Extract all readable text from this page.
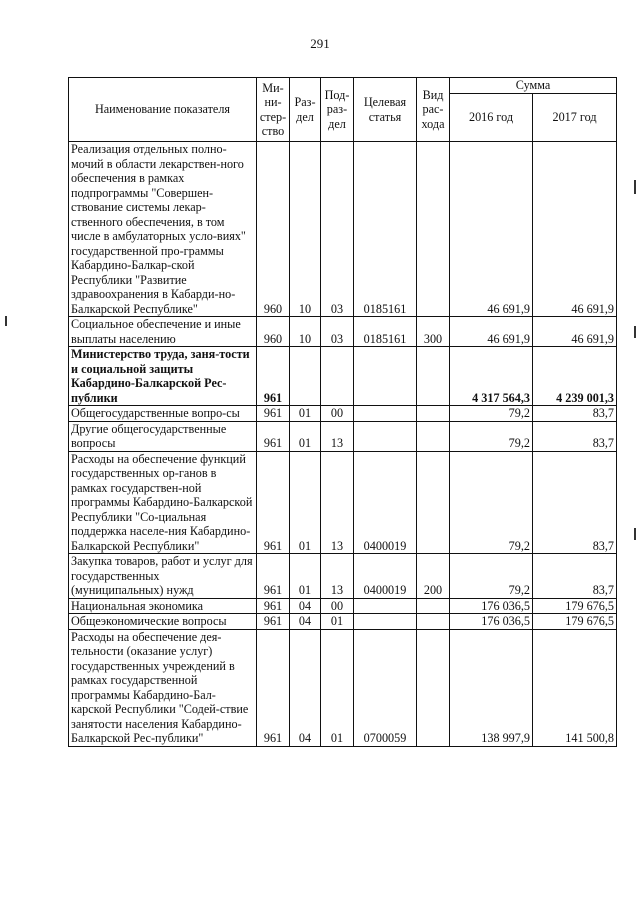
291
Наименование показателя	Ми-ни-стер-ство	Раз-дел	Под-раз-дел	Целевая статья	Вид рас-хода	Сумма	
						2016 год	2017 год
Реализация отдельных полно-мочий в области лекарствен-ного обеспечения в рамках подпрограммы "Совершен-ствование системы лекар-ственного обеспечения, в том числе в амбулаторных усло-виях" государственной про-граммы Кабардино-Балкар-ской Республики "Развитие здравоохранения в Кабарди-но-Балкарской Республике"	960	10	03	0185161		46 691,9	46 691,9
Социальное обеспечение и иные выплаты населению	960	10	03	0185161	300	46 691,9	46 691,9
Министерство труда, заня-тости и социальной защиты Кабардино-Балкарской Рес-публики	961					4 317 564,3	4 239 001,3
Общегосударственные вопро-сы	961	01	00			79,2	83,7
Другие общегосударственные вопросы	961	01	13			79,2	83,7
Расходы на обеспечение функций государственных ор-ганов в рамках государствен-ной программы Кабардино-Балкарской Республики "Со-циальная поддержка населе-ния Кабардино-Балкарской Республики"	961	01	13	0400019		79,2	83,7
Закупка товаров, работ и услуг для государственных (муниципальных) нужд	961	01	13	0400019	200	79,2	83,7
Национальная экономика	961	04	00			176 036,5	179 676,5
Общеэкономические вопросы	961	04	01			176 036,5	179 676,5
Расходы на обеспечение дея-тельности (оказание услуг) государственных учреждений в рамках государственной программы Кабардино-Бал-карской Республики "Содей-ствие занятости населения Кабардино-Балкарской Рес-публики"	961	04	01	0700059		138 997,9	141 500,8
